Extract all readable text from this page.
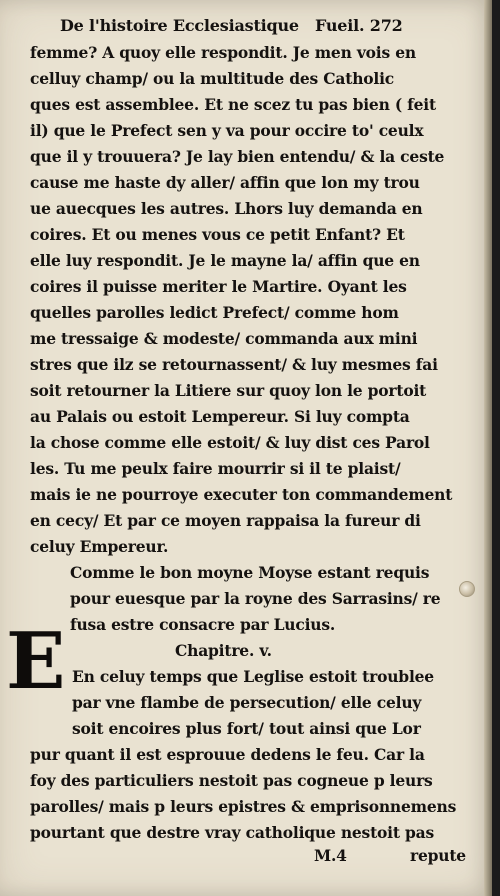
De l'histoire Ecclesiastique Fueil. 272
femme? A quoy elle respondit. Je men vois en
celluy champ/ ou la multitude des Catholic
ques est assemblee. Et ne scez tu pas bien ( feit
il) que le Prefect sen y va pour occire to' ceulx
que il y trouuera? Je lay bien entendu/ & la ceste
cause me haste dy aller/ affin que lon my trou
ue auecques les autres. Lhors luy demanda en
coires. Et ou menes vous ce petit Enfant? Et
elle luy respondit. Je le mayne la/ affin que en
coires il puisse meriter le Martire. Oyant les
quelles parolles ledict Prefect/ comme hom
me tressaige & modeste/ commanda aux mini
stres que ilz se retournassent/ & luy mesmes fai
soit retourner la Litiere sur quoy lon le portoit
au Palais ou estoit Lempereur. Si luy compta
la chose comme elle estoit/ & luy dist ces Parol
les. Tu me peulx faire mourrir si il te plaist/
mais ie ne pourroye executer ton commandement
en cecy/ Et par ce moyen rappaisa la fureur di
celuy Empereur.
Comme le bon moyne Moyse estant requis
pour euesque par la royne des Sarrasins/ re
fusa estre consacre par Lucius.
Chapitre. v.
En celuy temps que Leglise estoit troublee
par vne flambe de persecution/ elle celuy
soit encoires plus fort/ tout ainsi que Lor
pur quant il est esprouue dedens le feu. Car la
foy des particuliers nestoit pas cogneue p leurs
parolles/ mais p leurs epistres & emprisonnemens
pourtant que destre vray catholique nestoit pas
M.4	repute
E
